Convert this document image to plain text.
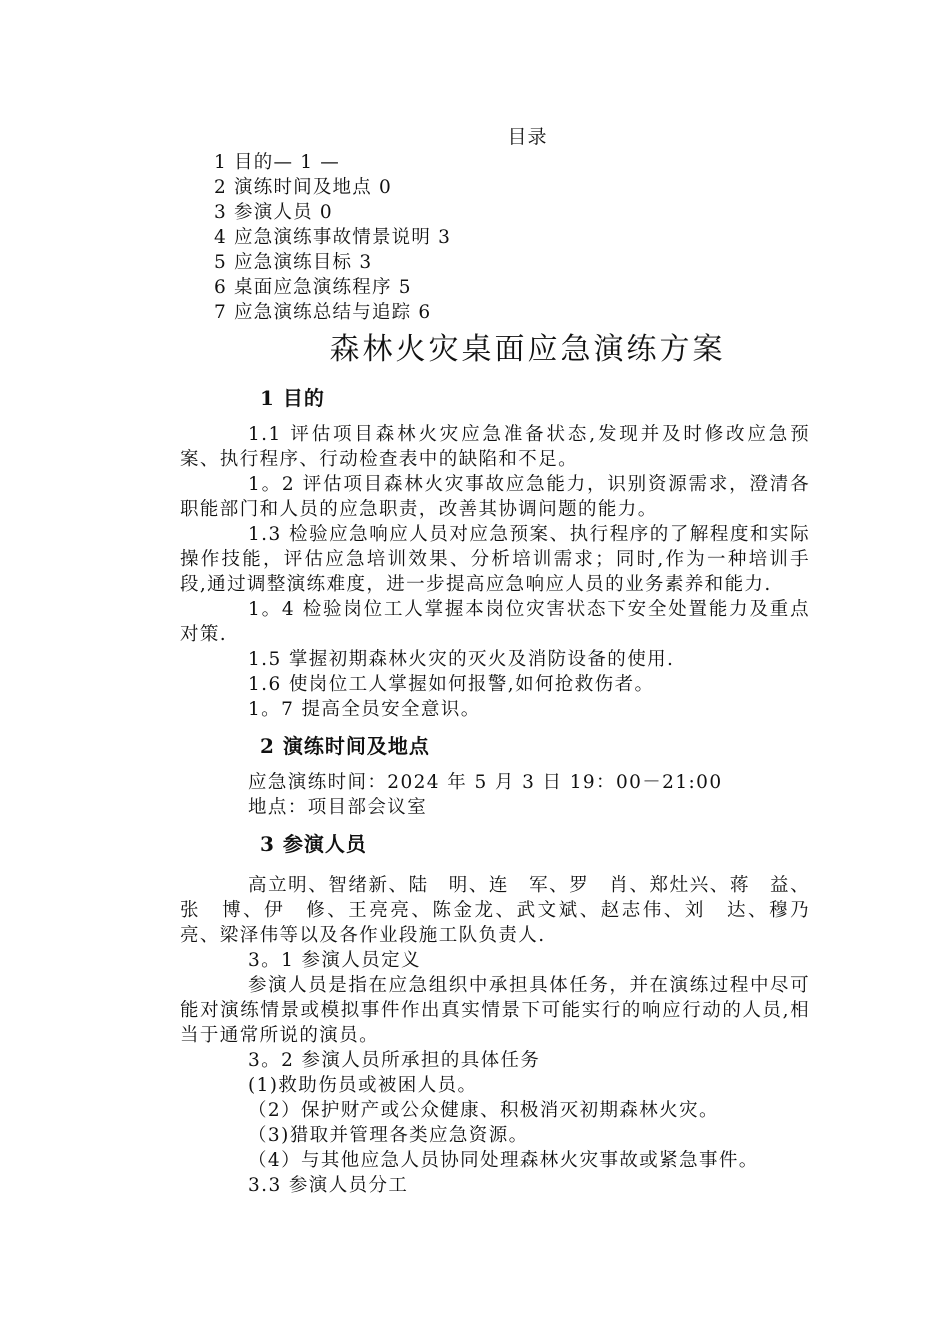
目录
1 目的— 1 —
2 演练时间及地点 0
3 参演人员 0
4 应急演练事故情景说明 3
5 应急演练目标 3
6 桌面应急演练程序 5
7 应急演练总结与追踪 6
森林火灾桌面应急演练方案
1 目的

1.1 评估项目森林火灾应急准备状态,发现并及时修改应急预案、执行程序、行动检查表中的缺陷和不足。

1。2 评估项目森林火灾事故应急能力，识别资源需求，澄清各职能部门和人员的应急职责，改善其协调问题的能力。

1.3 检验应急响应人员对应急预案、执行程序的了解程度和实际操作技能，评估应急培训效果、分析培训需求；同时,作为一种培训手段,通过调整演练难度，进一步提高应急响应人员的业务素养和能力.

1。4 检验岗位工人掌握本岗位灾害状态下安全处置能力及重点对策.

1.5 掌握初期森林火灾的灭火及消防设备的使用.

1.6 使岗位工人掌握如何报警,如何抢救伤者。

1。7 提高全员安全意识。

2 演练时间及地点

应急演练时间：2024 年 5 月 3 日 19：00－21:00

地点：项目部会议室

3 参演人员

高立明、智绪新、陆　明、连　军、罗　肖、郑灶兴、蒋　益、张　博、伊　修、王亮亮、陈金龙、武文斌、赵志伟、刘　达、穆乃亮、梁泽伟等以及各作业段施工队负责人.

3。1 参演人员定义

参演人员是指在应急组织中承担具体任务，并在演练过程中尽可能对演练情景或模拟事件作出真实情景下可能实行的响应行动的人员,相当于通常所说的演员。

3。2 参演人员所承担的具体任务

(1)救助伤员或被困人员。

（2）保护财产或公众健康、积极消灭初期森林火灾。

（3)猎取并管理各类应急资源。

（4）与其他应急人员协同处理森林火灾事故或紧急事件。

3.3 参演人员分工
